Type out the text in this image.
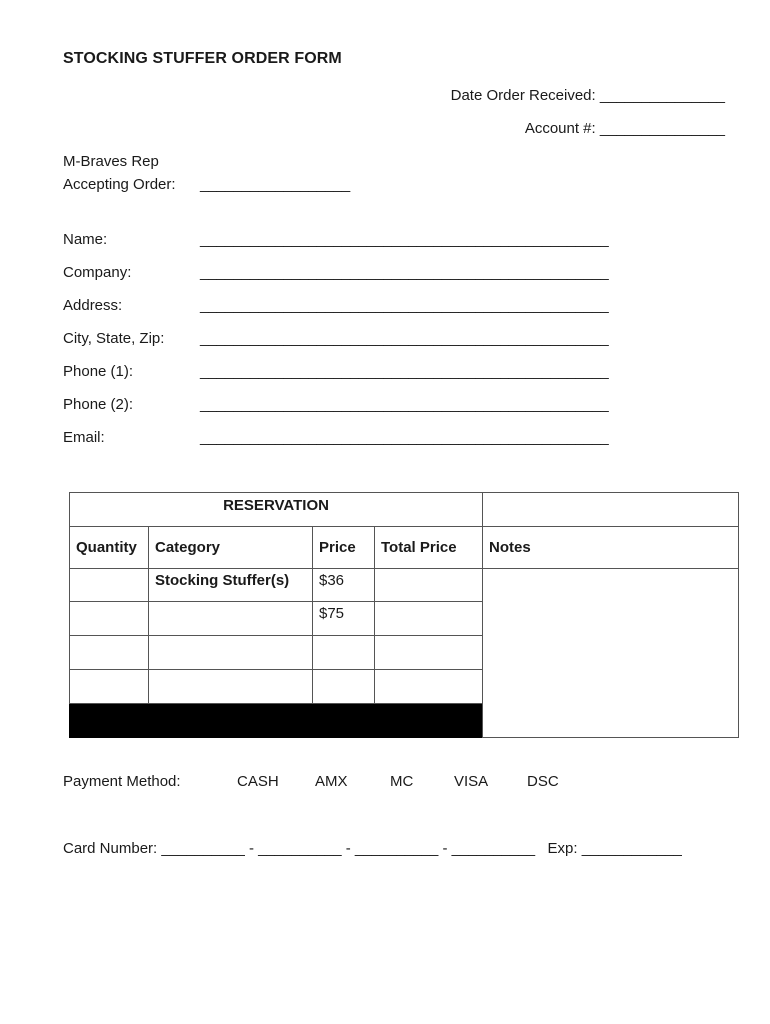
STOCKING STUFFER ORDER FORM
Date Order Received: _______________
Account #: _______________
M-Braves Rep
Accepting Order: __________________
Name:	_________________________________________________
Company:	_________________________________________________
Address:	_________________________________________________
City, State, Zip: _________________________________________________
Phone (1):	_________________________________________________
Phone (2):	_________________________________________________
Email:	_________________________________________________
RESERVATION				
Quantity	Category	Price	Total Price	Notes
	Stocking Stuffer(s)	$36		
		$75		

Payment Method:	CASH AMX	MC	VISA	DSC
Card Number: __________ - __________ - __________ - __________   Exp: ____________
